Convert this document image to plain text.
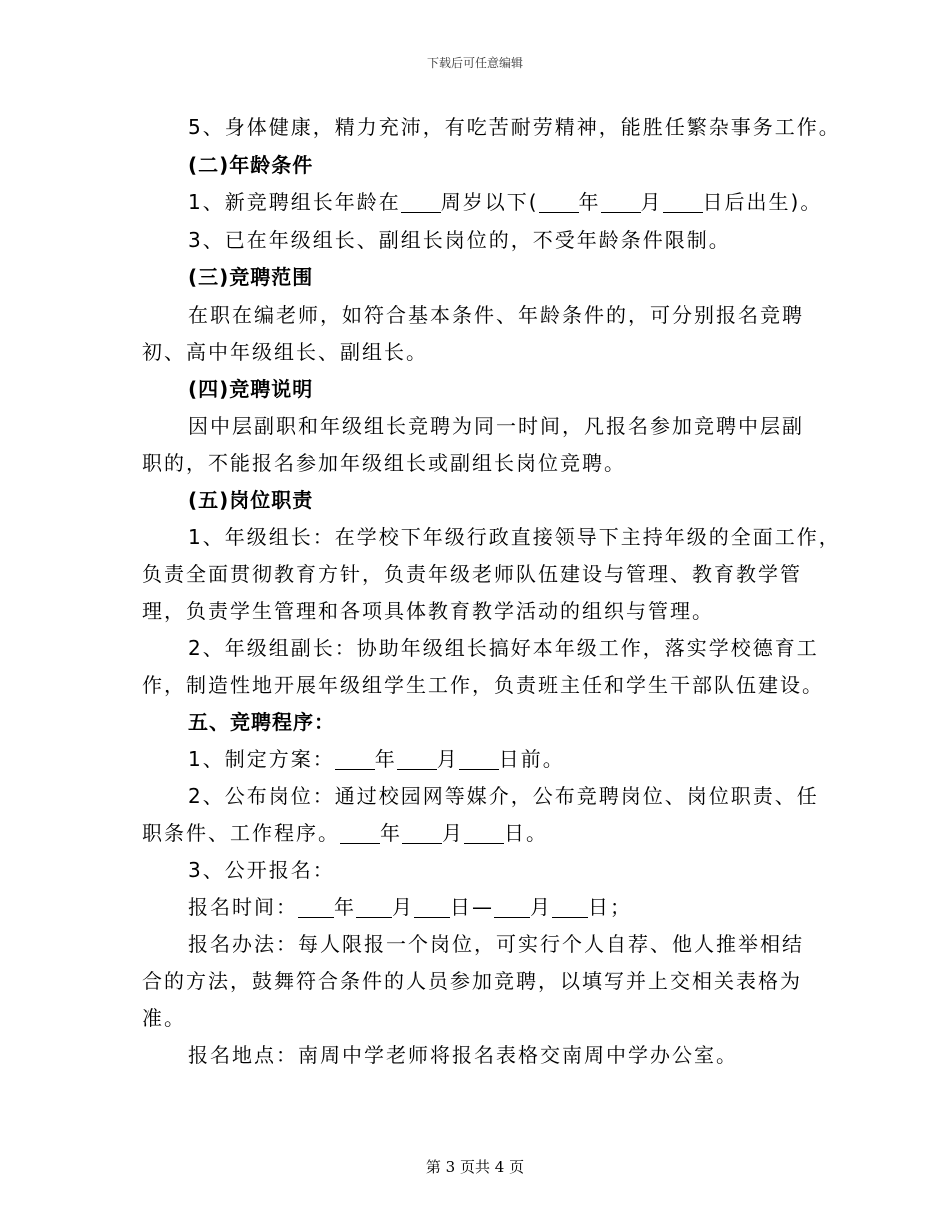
下载后可任意编辑
5、身体健康，精力充沛，有吃苦耐劳精神，能胜任繁杂事务工作。
(二)年龄条件
1、新竞聘组长年龄在 周岁以下( 年 月 日后出生)。
3、已在年级组长、副组长岗位的，不受年龄条件限制。
(三)竞聘范围
在职在编老师，如符合基本条件、年龄条件的，可分别报名竞聘
初、高中年级组长、副组长。
(四)竞聘说明
因中层副职和年级组长竞聘为同一时间，凡报名参加竞聘中层副
职的，不能报名参加年级组长或副组长岗位竞聘。
(五)岗位职责
1、年级组长：在学校下年级行政直接领导下主持年级的全面工作，
负责全面贯彻教育方针，负责年级老师队伍建设与管理、教育教学管
理，负责学生管理和各项具体教育教学活动的组织与管理。
2、年级组副长：协助年级组长搞好本年级工作，落实学校德育工
作，制造性地开展年级组学生工作，负责班主任和学生干部队伍建设。
五、竞聘程序：
1、制定方案： 年 月 日前。
2、公布岗位：通过校园网等媒介，公布竞聘岗位、岗位职责、任
职条件、工作程序。 年 月 日。
3、公开报名：
报名时间： 年 月 日— 月 日；
报名办法：每人限报一个岗位，可实行个人自荐、他人推举相结
合的方法，鼓舞符合条件的人员参加竞聘，以填写并上交相关表格为
准。
报名地点：南周中学老师将报名表格交南周中学办公室。
第 3 页共 4 页
